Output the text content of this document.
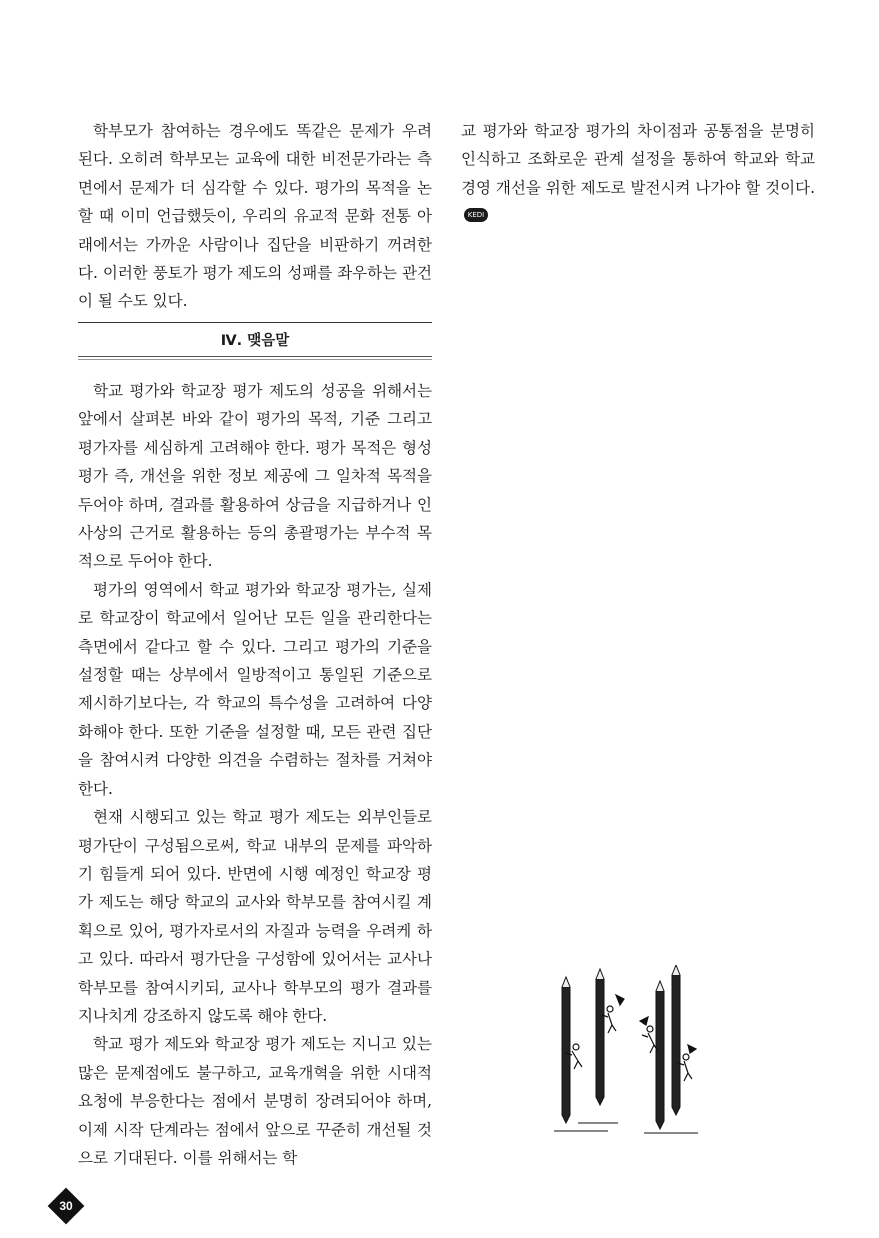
학부모가 참여하는 경우에도 똑같은 문제가 우려된다. 오히려 학부모는 교육에 대한 비전문가라는 측면에서 문제가 더 심각할 수 있다. 평가의 목적을 논할 때 이미 언급했듯이, 우리의 유교적 문화 전통 아래에서는 가까운 사람이나 집단을 비판하기 꺼려한다. 이러한 풍토가 평가 제도의 성패를 좌우하는 관건이 될 수도 있다.

Ⅳ. 맺음말

학교 평가와 학교장 평가 제도의 성공을 위해서는 앞에서 살펴본 바와 같이 평가의 목적, 기준 그리고 평가자를 세심하게 고려해야 한다. 평가 목적은 형성평가 즉, 개선을 위한 정보 제공에 그 일차적 목적을 두어야 하며, 결과를 활용하여 상금을 지급하거나 인사상의 근거로 활용하는 등의 총괄평가는 부수적 목적으로 두어야 한다.

평가의 영역에서 학교 평가와 학교장 평가는, 실제로 학교장이 학교에서 일어난 모든 일을 관리한다는 측면에서 같다고 할 수 있다. 그리고 평가의 기준을 설정할 때는 상부에서 일방적이고 통일된 기준으로 제시하기보다는, 각 학교의 특수성을 고려하여 다양화해야 한다. 또한 기준을 설정할 때, 모든 관련 집단을 참여시켜 다양한 의견을 수렴하는 절차를 거쳐야 한다.

현재 시행되고 있는 학교 평가 제도는 외부인들로 평가단이 구성됨으로써, 학교 내부의 문제를 파악하기 힘들게 되어 있다. 반면에 시행 예정인 학교장 평가 제도는 해당 학교의 교사와 학부모를 참여시킬 계획으로 있어, 평가자로서의 자질과 능력을 우려케 하고 있다. 따라서 평가단을 구성함에 있어서는 교사나 학부모를 참여시키되, 교사나 학부모의 평가 결과를 지나치게 강조하지 않도록 해야 한다.

학교 평가 제도와 학교장 평가 제도는 지니고 있는 많은 문제점에도 불구하고, 교육개혁을 위한 시대적 요청에 부응한다는 점에서 분명히 장려되어야 하며, 이제 시작 단계라는 점에서 앞으로 꾸준히 개선될 것으로 기대된다. 이를 위해서는 학

교 평가와 학교장 평가의 차이점과 공통점을 분명히 인식하고 조화로운 관계 설정을 통하여 학교와 학교 경영 개선을 위한 제도로 발전시켜 나가야 할 것이다.KEDI

30
